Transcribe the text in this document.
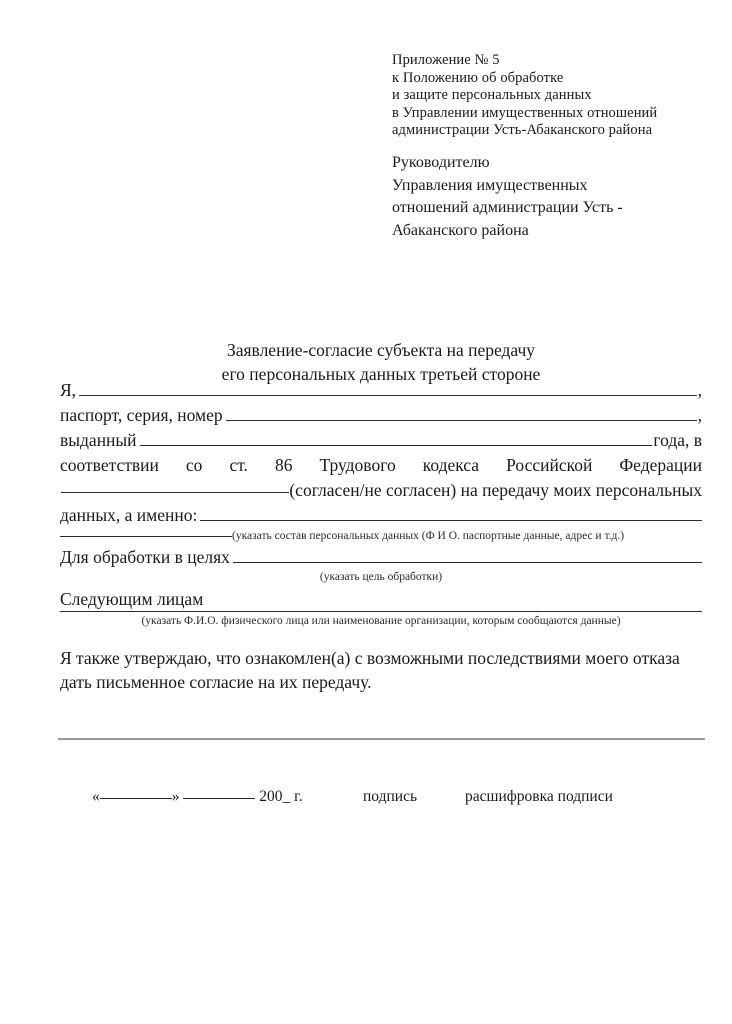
Приложение № 5
к Положению об обработке
и защите персональных данных
в Управлении имущественных отношений
администрации Усть-Абаканского района
Руководителю
Управления имущественных
отношений администрации Усть -
Абаканского района
Заявление-согласие субъекта на передачу
его персональных данных третьей стороне
Я,	,
паспорт, серия, номер	,
выданный	года, в
соответствии со ст. 86 Трудового кодекса Российской Федерации
(согласен/не согласен) на передачу моих персональных
данных, а именно:
(указать состав персональных данных (Ф И О. паспортные данные, адрес и т.д.)
Для обработки в целях
(указать цель обработки)
Следующим лицам
(указать Ф.И.О. физического лица или наименование организации, которым сообщаются данные)
Я также утверждаю, что ознакомлен(а) с возможными последствиями моего отказа дать письменное согласие на их передачу.
«	»	200_ г.	подпись	расшифровка подписи
